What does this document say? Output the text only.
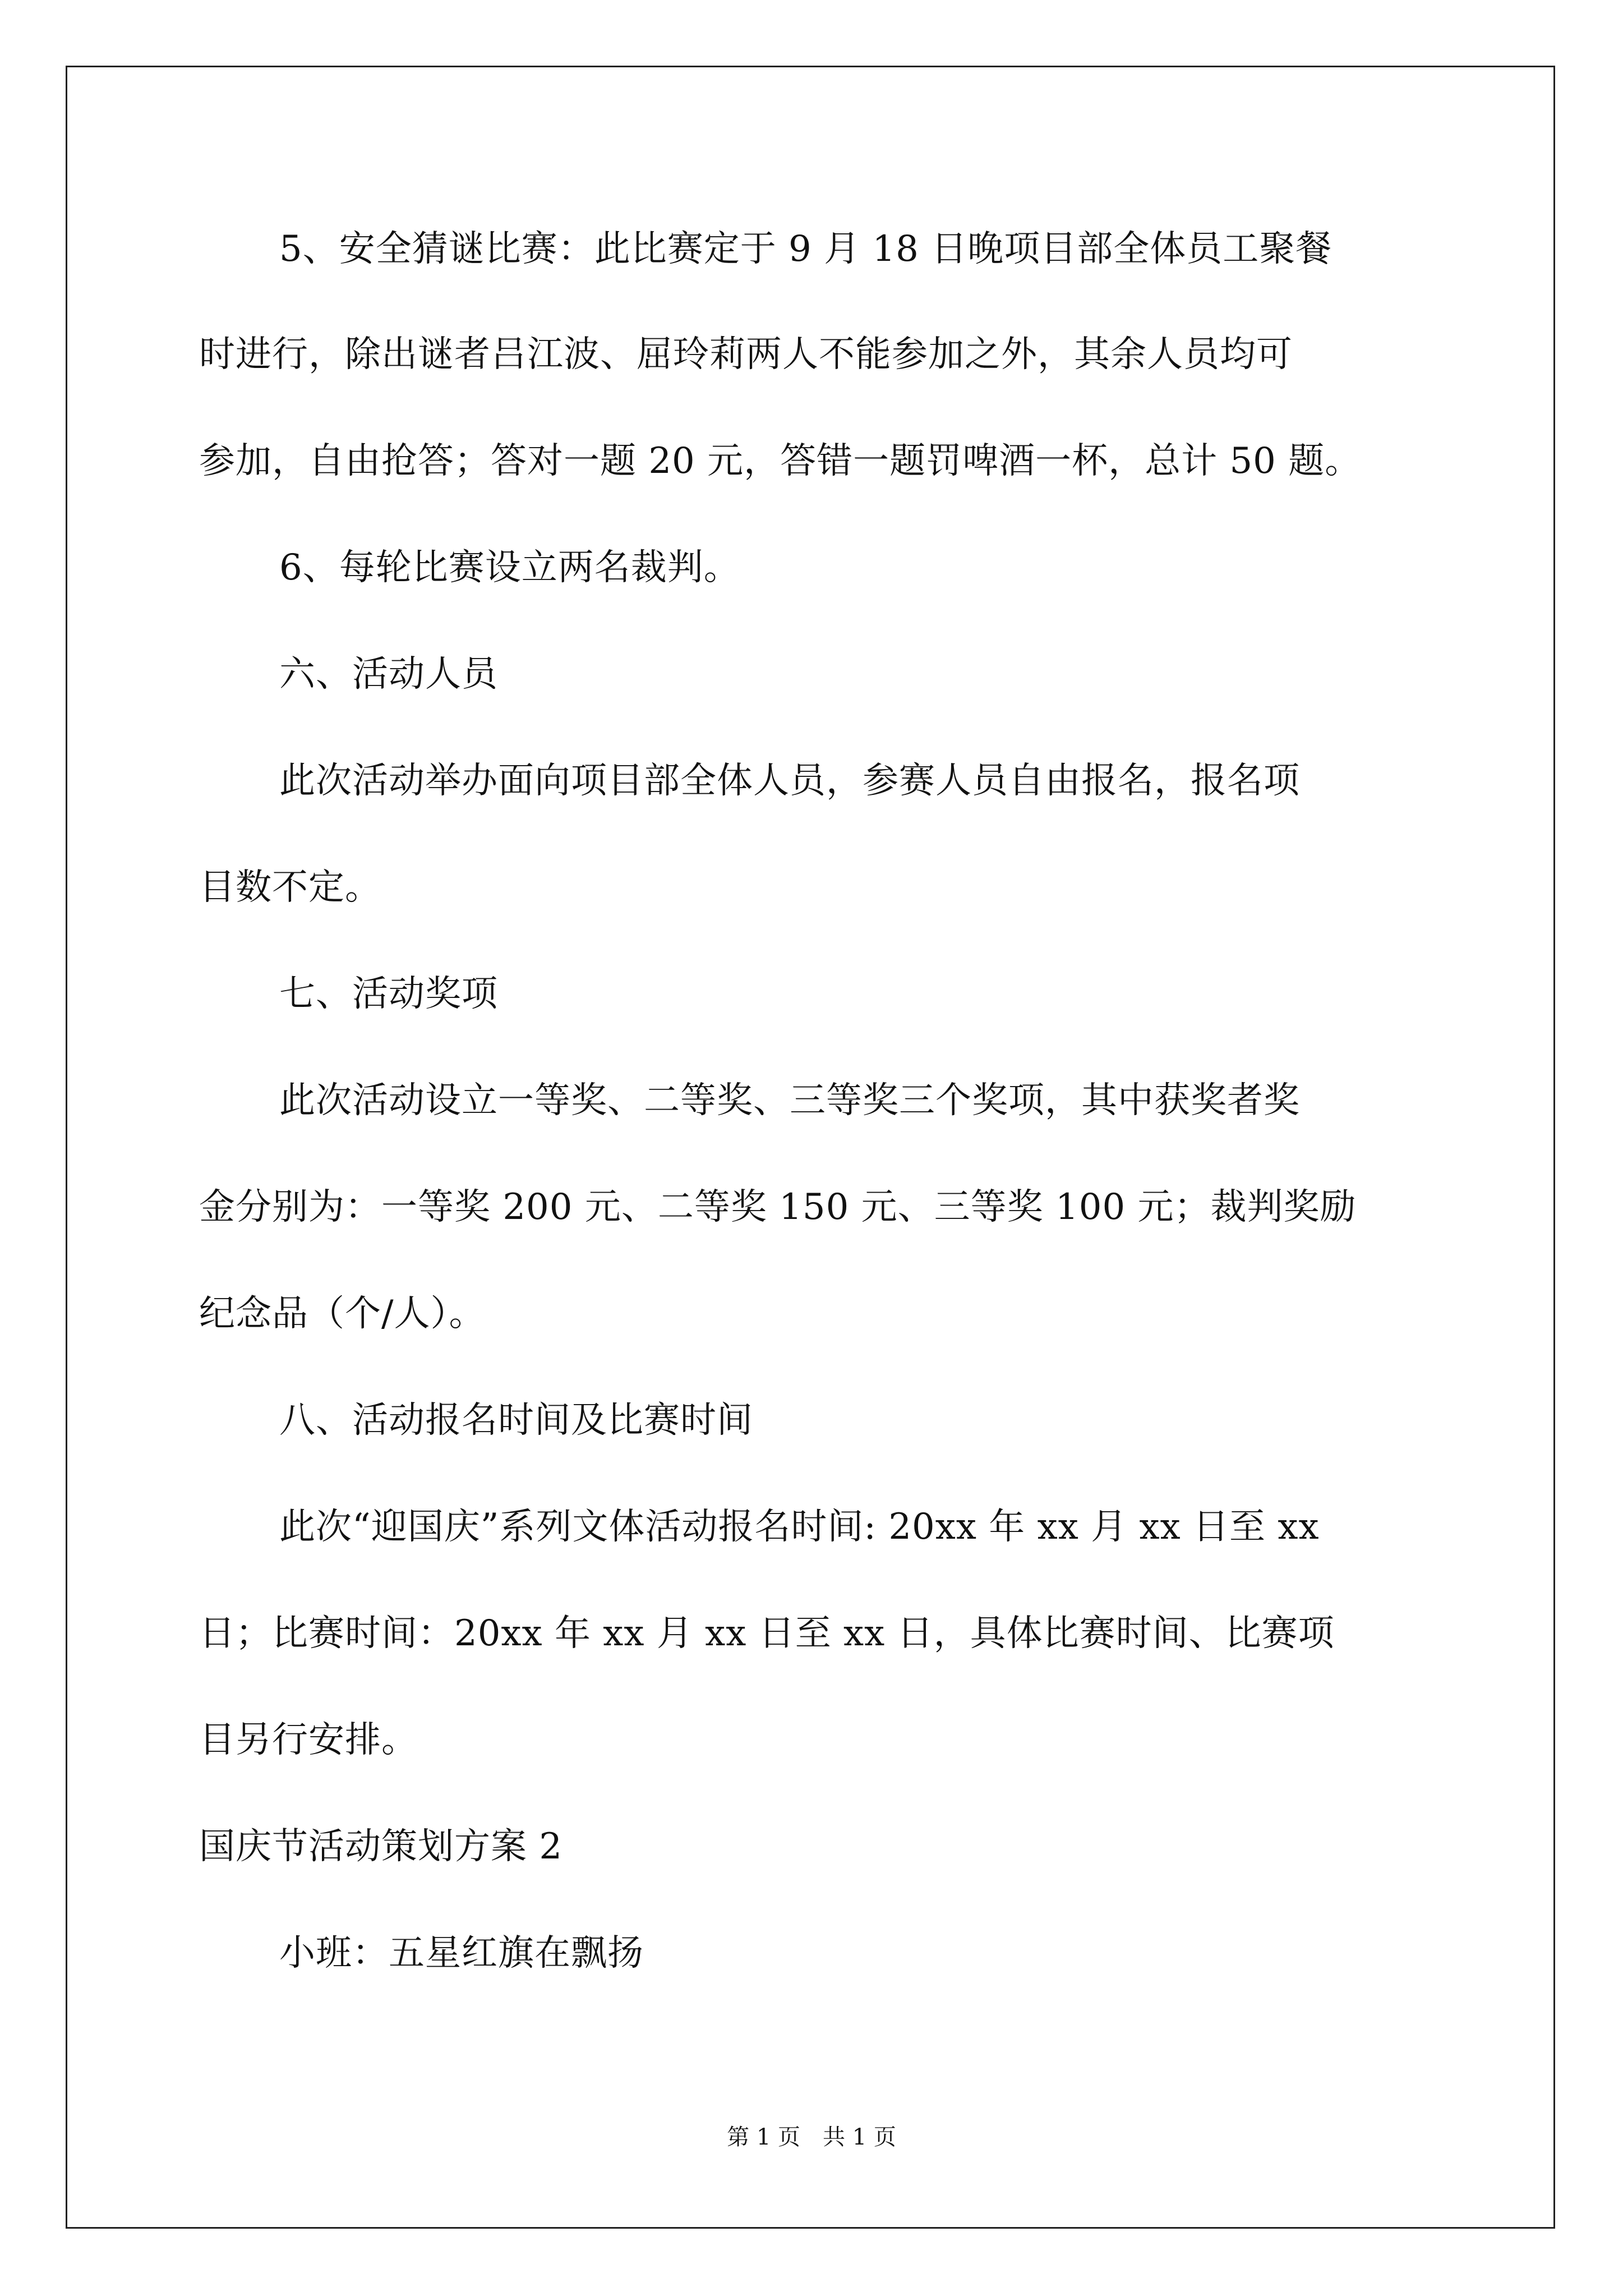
5、安全猜谜比赛：此比赛定于 9 月 18 日晚项目部全体员工聚餐
时进行，除出谜者吕江波、屈玲莉两人不能参加之外，其余人员均可
参加，自由抢答；答对一题 20 元，答错一题罚啤酒一杯，总计 50 题。
6、每轮比赛设立两名裁判。
六、活动人员
此次活动举办面向项目部全体人员，参赛人员自由报名，报名项
目数不定。
七、活动奖项
此次活动设立一等奖、二等奖、三等奖三个奖项，其中获奖者奖
金分别为：一等奖 200 元、二等奖 150 元、三等奖 100 元；裁判奖励
纪念品（个/人）。
八、活动报名时间及比赛时间
此次“迎国庆”系列文体活动报名时间: 20xx 年 xx 月 xx 日至 xx
日；比赛时间：20xx 年 xx 月 xx 日至 xx 日，具体比赛时间、比赛项
目另行安排。
国庆节活动策划方案 2
小班：五星红旗在飘扬
第 1 页　共 1 页
